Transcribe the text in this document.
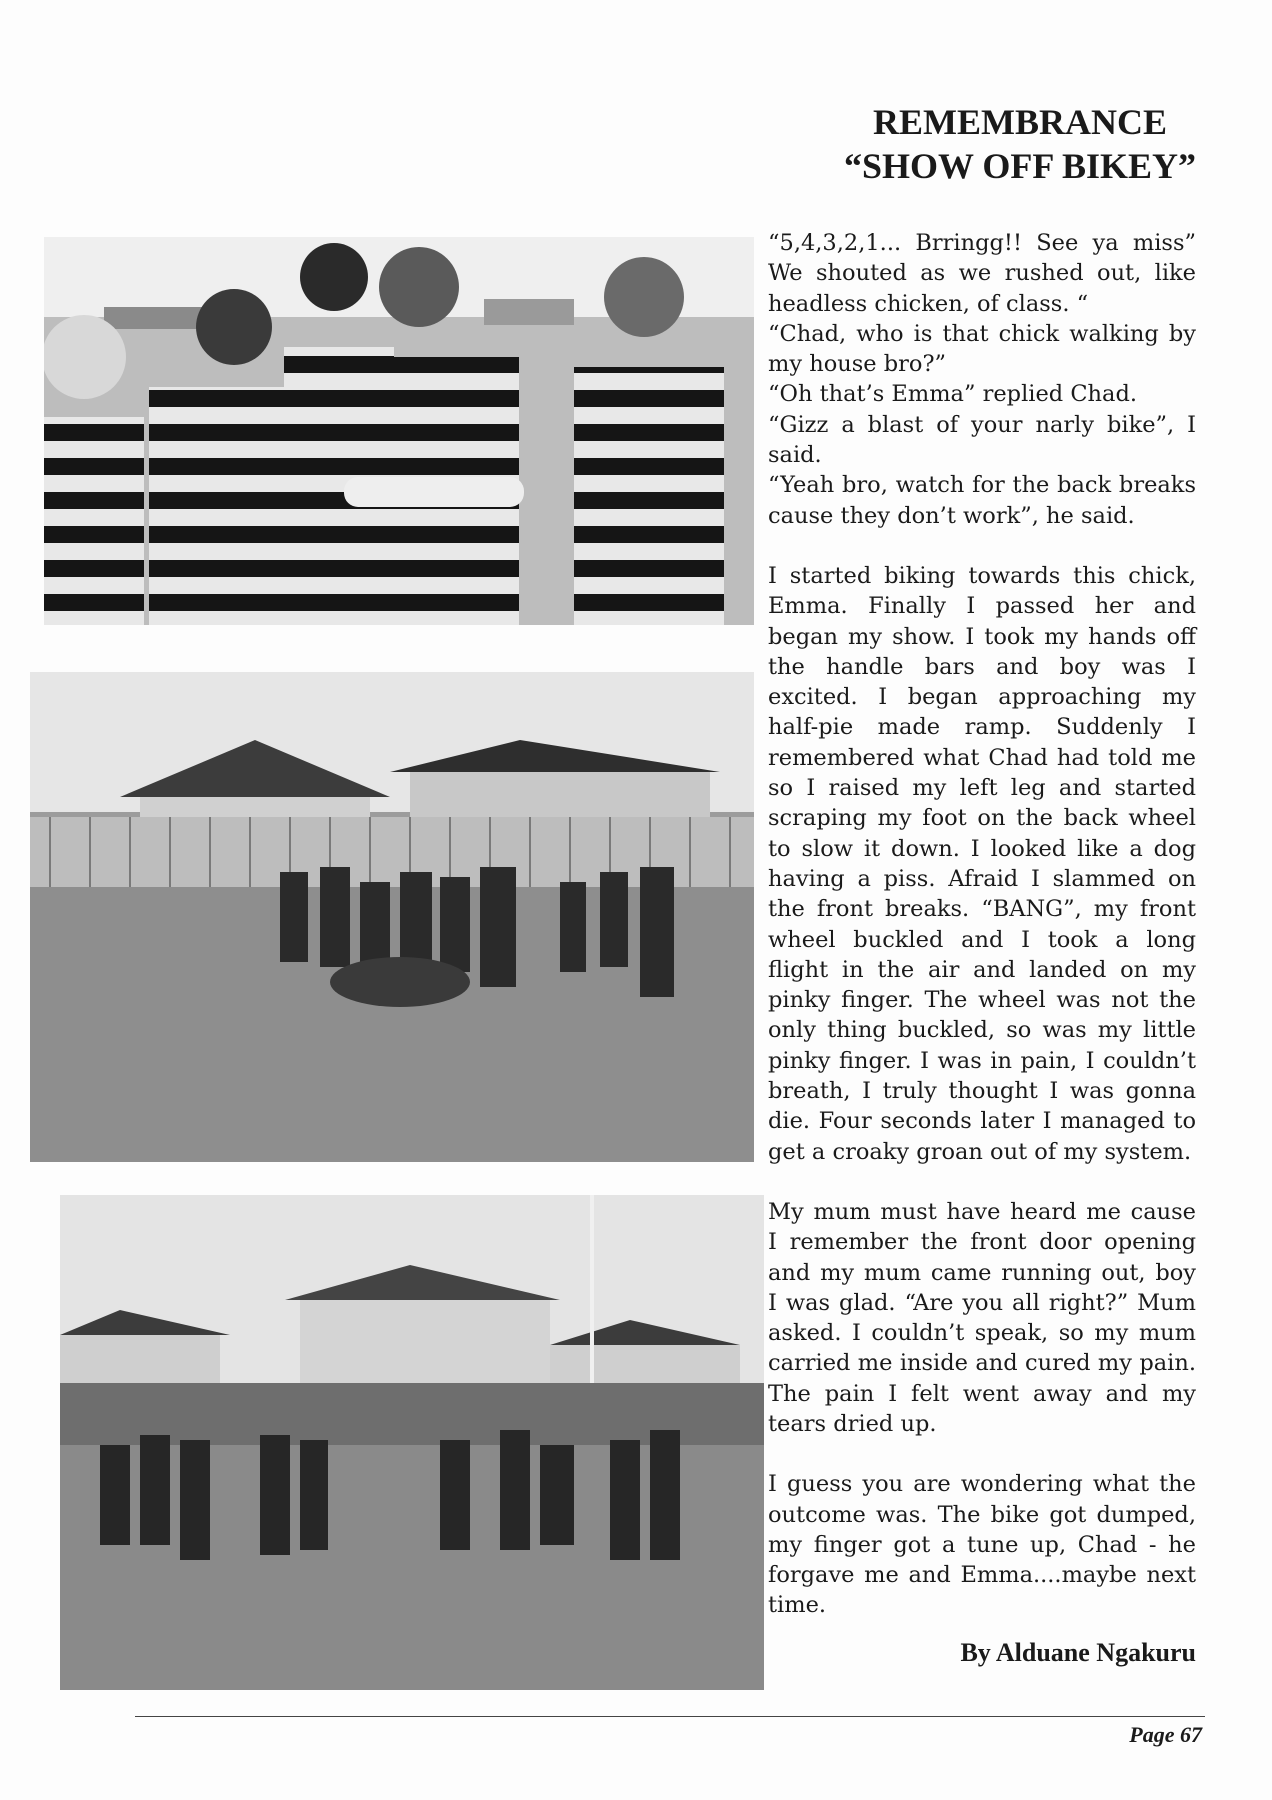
REMEMBRANCE
“SHOW OFF BIKEY”

“5,4,3,2,1... Brringg!! See ya miss” We shouted as we rushed out, like headless chicken, of class. “

“Chad, who is that chick walking by my house bro?”

“Oh that’s Emma” replied Chad.

“Gizz a blast of your narly bike”, I said.

“Yeah bro, watch for the back breaks cause they don’t work”, he said.

I started biking towards this chick, Emma. Finally I passed her and began my show. I took my hands off the handle bars and boy was I excited. I began approaching my half-pie made ramp. Suddenly I remembered what Chad had told me so I raised my left leg and started scraping my foot on the back wheel to slow it down. I looked like a dog having a piss. Afraid I slammed on the front breaks. “BANG”, my front wheel buckled and I took a long flight in the air and landed on my pinky finger. The wheel was not the only thing buckled, so was my little pinky finger. I was in pain, I couldn’t breath, I truly thought I was gonna die. Four seconds later I managed to get a croaky groan out of my system.

My mum must have heard me cause I remember the front door opening and my mum came running out, boy I was glad. “Are you all right?” Mum asked. I couldn’t speak, so my mum carried me inside and cured my pain. The pain I felt went away and my tears dried up.

I guess you are wondering what the outcome was. The bike got dumped, my finger got a tune up, Chad - he forgave me and Emma....maybe next time.

By Alduane Ngakuru
Page 67
